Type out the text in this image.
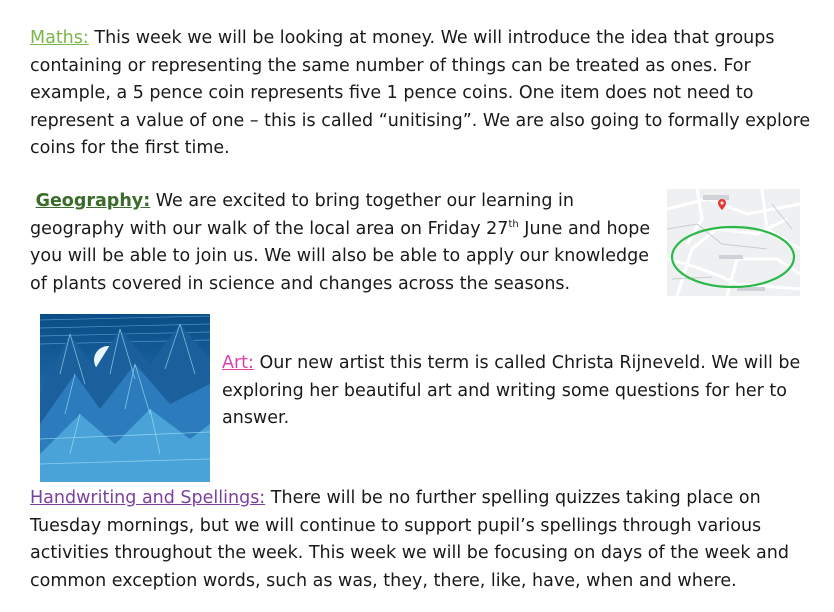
Maths: This week we will be looking at money. We will introduce the idea that groups containing or representing the same number of things can be treated as ones. For example, a 5 pence coin represents five 1 pence coins. One item does not need to represent a value of one – this is called “unitising”. We are also going to formally explore coins for the first time.

Geography: We are excited to bring together our learning in geography with our walk of the local area on Friday 27th June and hope you will be able to join us. We will also be able to apply our knowledge of plants covered in science and changes across the seasons.

Art: Our new artist this term is called Christa Rijneveld. We will be exploring her beautiful art and writing some questions for her to answer.

Handwriting and Spellings: There will be no further spelling quizzes taking place on Tuesday mornings, but we will continue to support pupil’s spellings through various activities throughout the week. This week we will be focusing on days of the week and common exception words, such as was, they, there, like, have, when and where.
